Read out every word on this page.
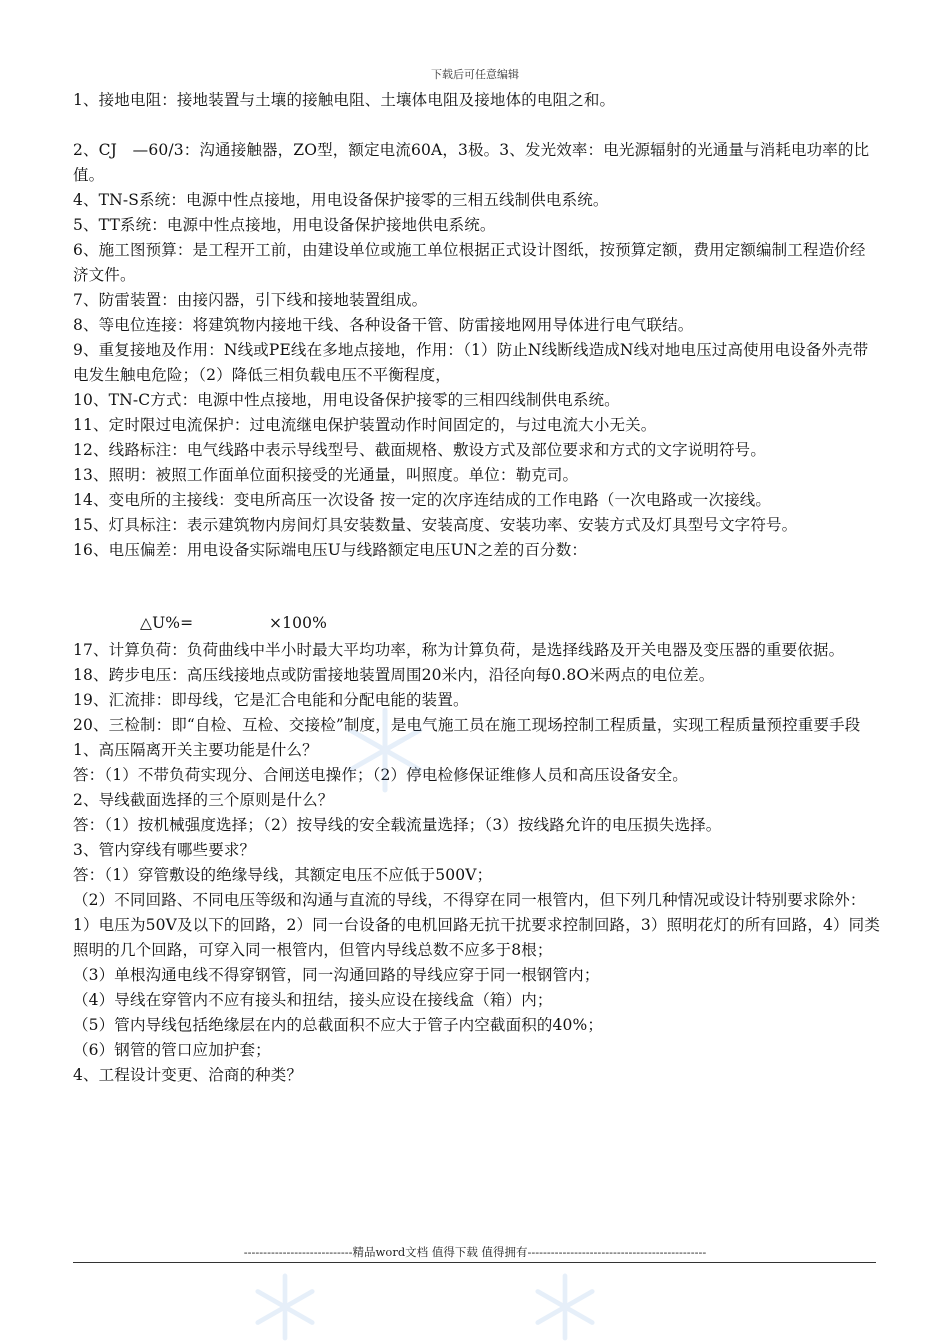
下载后可任意编辑

1、接地电阻：接地装置与土壤的接触电阻、土壤体电阻及接地体的电阻之和。

2、CJ　—60/3：沟通接触器，ZO型，额定电流60A，3极。3、发光效率：电光源辐射的光通量与消耗电功率的比值。

4、TN-S系统：电源中性点接地，用电设备保护接零的三相五线制供电系统。

5、TT系统：电源中性点接地，用电设备保护接地供电系统。

6、施工图预算：是工程开工前，由建设单位或施工单位根据正式设计图纸，按预算定额，费用定额编制工程造价经济文件。

7、防雷装置：由接闪器，引下线和接地装置组成。

8、等电位连接：将建筑物内接地干线、各种设备干管、防雷接地网用导体进行电气联结。

9、重复接地及作用：N线或PE线在多地点接地，作用：（1）防止N线断线造成N线对地电压过高使用电设备外壳带电发生触电危险；（2）降低三相负载电压不平衡程度，

10、TN-C方式：电源中性点接地，用电设备保护接零的三相四线制供电系统。

11、定时限过电流保护：过电流继电保护装置动作时间固定的，与过电流大小无关。

12、线路标注：电气线路中表示导线型号、截面规格、敷设方式及部位要求和方式的文字说明符号。

13、照明：被照工作面单位面积接受的光通量，叫照度。单位：勒克司。

14、变电所的主接线：变电所高压一次设备 按一定的次序连结成的工作电路（一次电路或一次接线。

15、灯具标注：表示建筑物内房间灯具安装数量、安装高度、安装功率、安装方式及灯具型号文字符号。

16、电压偏差：用电设备实际端电压U与线路额定电压UN之差的百分数：

△U%=	×100%

17、计算负荷：负荷曲线中半小时最大平均功率，称为计算负荷，是选择线路及开关电器及变压器的重要依据。

18、跨步电压：高压线接地点或防雷接地装置周围20米内，沿径向每0.8O米两点的电位差。

19、汇流排：即母线，它是汇合电能和分配电能的装置。

20、三检制：即“自检、互检、交接检”制度，是电气施工员在施工现场控制工程质量，实现工程质量预控重要手段

1、高压隔离开关主要功能是什么？

答：（1）不带负荷实现分、合闸送电操作；（2）停电检修保证维修人员和高压设备安全。

2、导线截面选择的三个原则是什么？

答：（1）按机械强度选择；（2）按导线的安全载流量选择；（3）按线路允许的电压损失选择。

3、管内穿线有哪些要求？

答：（1）穿管敷设的绝缘导线，其额定电压不应低于500V；

（2）不同回路、不同电压等级和沟通与直流的导线，不得穿在同一根管内，但下列几种情况或设计特别要求除外：1）电压为50V及以下的回路，2）同一台设备的电机回路无抗干扰要求控制回路，3）照明花灯的所有回路，4）同类照明的几个回路，可穿入同一根管内，但管内导线总数不应多于8根；

（3）单根沟通电线不得穿钢管，同一沟通回路的导线应穿于同一根钢管内；

（4）导线在穿管内不应有接头和扭结，接头应设在接线盒（箱）内；

（5）管内导线包括绝缘层在内的总截面积不应大于管子内空截面积的40%；

（6）钢管的管口应加护套；

4、工程设计变更、洽商的种类？

----------------------------精品word文档 值得下载 值得拥有----------------------------------------------
